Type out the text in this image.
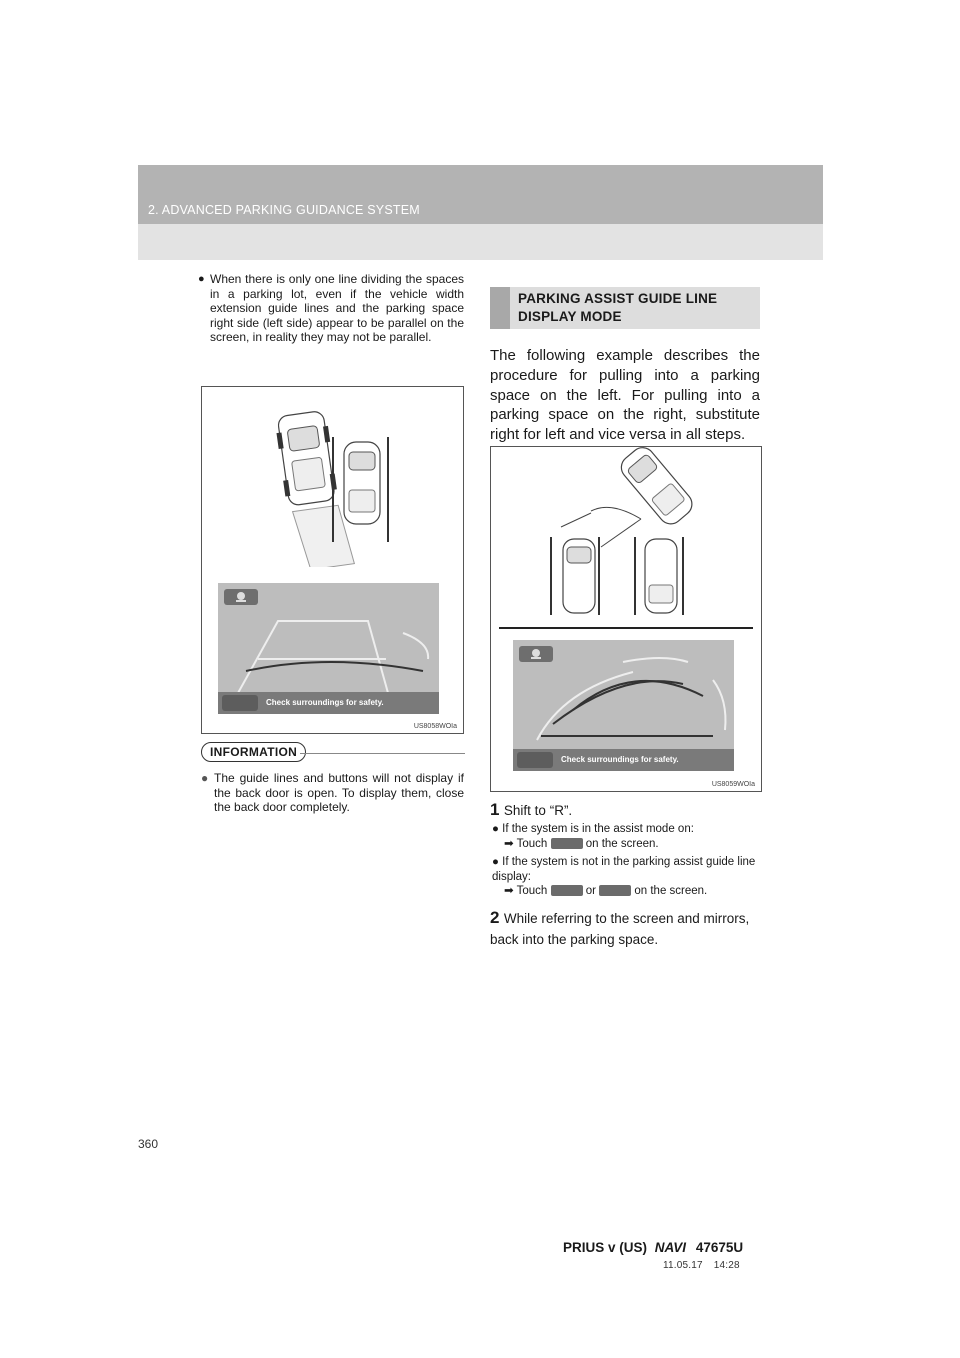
2. ADVANCED PARKING GUIDANCE SYSTEM
● When there is only one line dividing the spaces in a parking lot, even if the vehicle width extension guide lines and the parking space right side (left side) appear to be parallel on the screen, in reality they may not be parallel.
Check surroundings for safety.
US8058WOIa
INFORMATION
● The guide lines and buttons will not display if the back door is open. To display them, close the back door completely.
PARKING ASSIST GUIDE LINE DISPLAY MODE
The following example describes the procedure for pulling into a parking space on the left. For pulling into a parking space on the right, substitute right for left and vice versa in all steps.
Check surroundings for safety.
US8059WOIa
1 Shift to “R”.
● If the system is in the assist mode on:
➡ Touch	on the screen.
● If the system is not in the parking assist guide line display:
➡ Touch	or	on the screen.
2 While referring to the screen and mirrors, back into the parking space.
360
PRIUS v (US) NAVI 47675U
11.05.17 14:28
